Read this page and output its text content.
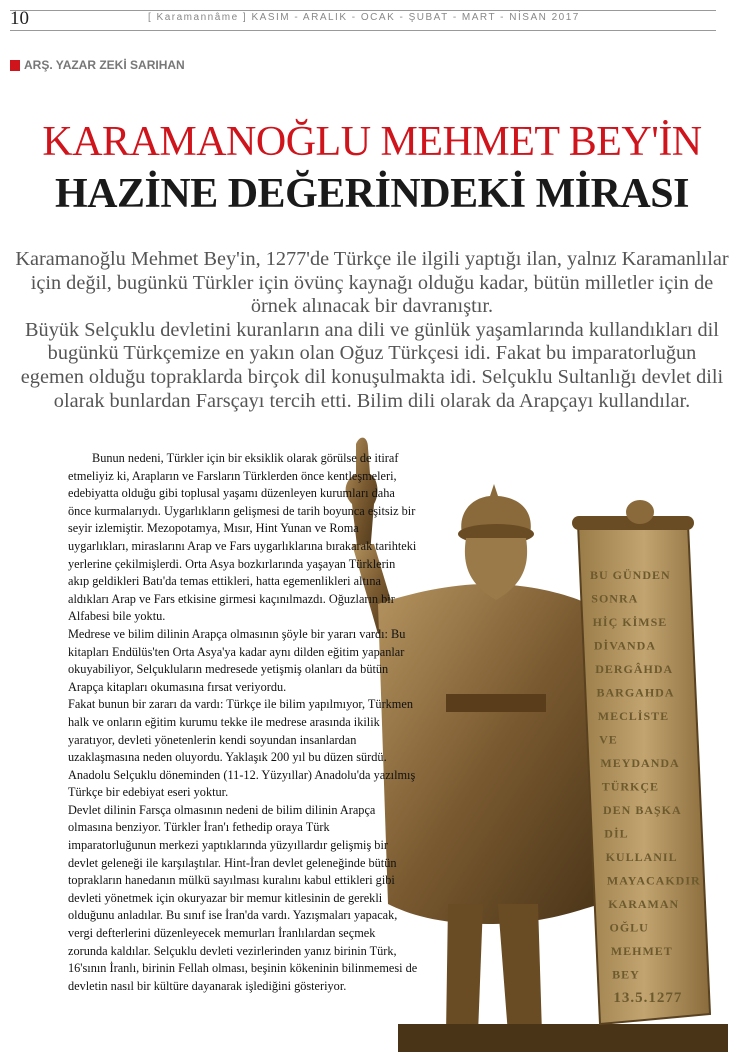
10	[ Karamannâme ] KASIM - ARALIK - OCAK - ŞUBAT - MART - NİSAN 2017
ARŞ. YAZAR ZEKİ SARIHAN
KARAMANOĞLU MEHMET BEY'İN
HAZİNE DEĞERİNDEKİ MİRASI

Karamanoğlu Mehmet Bey'in, 1277'de Türkçe ile ilgili yaptığı ilan, yalnız Karamanlılar için değil, bugünkü Türkler için övünç kaynağı olduğu kadar, bütün milletler için de örnek alınacak bir davranıştır.

Büyük Selçuklu devletini kuranların ana dili ve günlük yaşamlarında kullandıkları dil bugünkü Türkçemize en yakın olan Oğuz Türkçesi idi. Fakat bu imparatorluğun egemen olduğu topraklarda birçok dil konuşulmakta idi. Selçuklu Sultanlığı devlet dili olarak bunlardan Farsçayı tercih etti. Bilim dili olarak da Arapçayı kullandılar.

BU GÜNDEN
SONRA
HİÇ KİMSE
DİVANDA
DERGÂHDA
BARGAHDA
MECLİSTE
VE
MEYDANDA
TÜRKÇE
DEN BAŞKA
DİL
KULLANIL
MAYACAKDIR
KARAMAN
OĞLU
MEHMET
BEY
13.5.1277

Bunun nedeni, Türkler için bir eksiklik olarak görülse de itiraf etmeliyiz ki, Arapların ve Farsların Türklerden önce kentleşmeleri, edebiyatta olduğu gibi toplusal yaşamı düzenleyen kurumları daha önce kurmalarıydı. Uygarlıkların gelişmesi de tarih boyunca eşitsiz bir seyir izlemiştir. Mezopotamya, Mısır, Hint Yunan ve Roma uygarlıkları, miraslarını Arap ve Fars uygarlıklarına bırakarak tarihteki yerlerine çekilmişlerdi. Orta Asya bozkırlarında yaşayan Türklerin akıp geldikleri Batı'da temas ettikleri, hatta egemenlikleri altına aldıkları Arap ve Fars etkisine girmesi kaçınılmazdı. Oğuzların bir Alfabesi bile yoktu.

Medrese ve bilim dilinin Arapça olmasının şöyle bir yararı vardı: Bu kitapları Endülüs'ten Orta Asya'ya kadar aynı dilden eğitim yapanlar okuyabiliyor, Selçukluların medresede yetişmiş olanları da bütün Arapça kitapları okumasına fırsat veriyordu.

Fakat bunun bir zararı da vardı: Türkçe ile bilim yapılmıyor, Türkmen halk ve onların eğitim kurumu tekke ile medrese arasında ikilik yaratıyor, devleti yönetenlerin kendi soyundan insanlardan uzaklaşmasına neden oluyordu. Yaklaşık 200 yıl bu düzen sürdü. Anadolu Selçuklu döneminden (11-12. Yüzyıllar) Anadolu'da yazılmış Türkçe bir edebiyat eseri yoktur.

Devlet dilinin Farsça olmasının nedeni de bilim dilinin Arapça olmasına benziyor. Türkler İran'ı fethedip oraya Türk imparatorluğunun merkezi yaptıklarında yüzyıllardır gelişmiş bir devlet geleneği ile karşılaştılar. Hint-İran devlet geleneğinde bütün toprakların hanedanın mülkü sayılması kuralını kabul ettikleri gibi devleti yönetmek için okuryazar bir memur kitlesinin de gerekli olduğunu anladılar. Bu sınıf ise İran'da vardı. Yazışmaları yapacak, vergi defterlerini düzenleyecek memurları İranlılardan seçmek zorunda kaldılar. Selçuklu devleti vezirlerinden yanız birinin Türk, 16'sının İranlı, birinin Fellah olması, beşinin kökeninin bilinmemesi de devletin nasıl bir kültüre dayanarak işlediğini gösteriyor.
